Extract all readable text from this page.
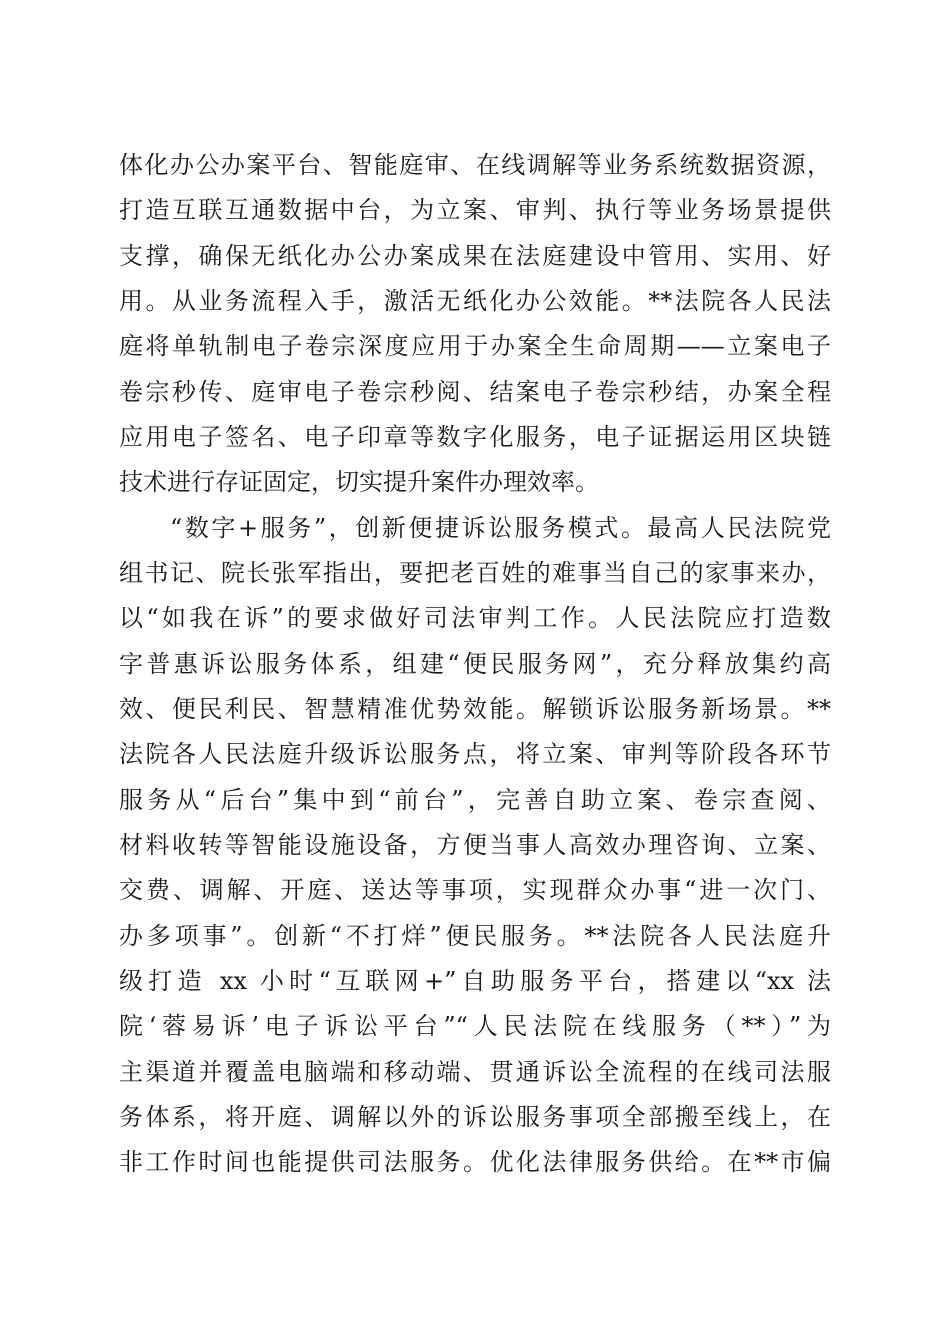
体化办公办案平台、智能庭审、在线调解等业务系统数据资源，
打造互联互通数据中台，为立案、审判、执行等业务场景提供
支撑，确保无纸化办公办案成果在法庭建设中管用、实用、好
用。从业务流程入手，激活无纸化办公效能。**法院各人民法
庭将单轨制电子卷宗深度应用于办案全生命周期——立案电子
卷宗秒传、庭审电子卷宗秒阅、结案电子卷宗秒结，办案全程
应用电子签名、电子印章等数字化服务，电子证据运用区块链
技术进行存证固定，切实提升案件办理效率。
“数字+服务”，创新便捷诉讼服务模式。最高人民法院党
组书记、院长张军指出，要把老百姓的难事当自己的家事来办，
以“如我在诉”的要求做好司法审判工作。人民法院应打造数
字普惠诉讼服务体系，组建“便民服务网”，充分释放集约高
效、便民利民、智慧精准优势效能。解锁诉讼服务新场景。**
法院各人民法庭升级诉讼服务点，将立案、审判等阶段各环节
服务从“后台”集中到“前台”，完善自助立案、卷宗查阅、
材料收转等智能设施设备，方便当事人高效办理咨询、立案、
交费、调解、开庭、送达等事项，实现群众办事“进一次门、
办多项事”。创新“不打烊”便民服务。**法院各人民法庭升
级打造 xx 小时“互联网+”自助服务平台，搭建以“xx 法
院‘蓉易诉’电子诉讼平台”“人民法院在线服务（**）”为
主渠道并覆盖电脑端和移动端、贯通诉讼全流程的在线司法服
务体系，将开庭、调解以外的诉讼服务事项全部搬至线上，在
非工作时间也能提供司法服务。优化法律服务供给。在**市偏
